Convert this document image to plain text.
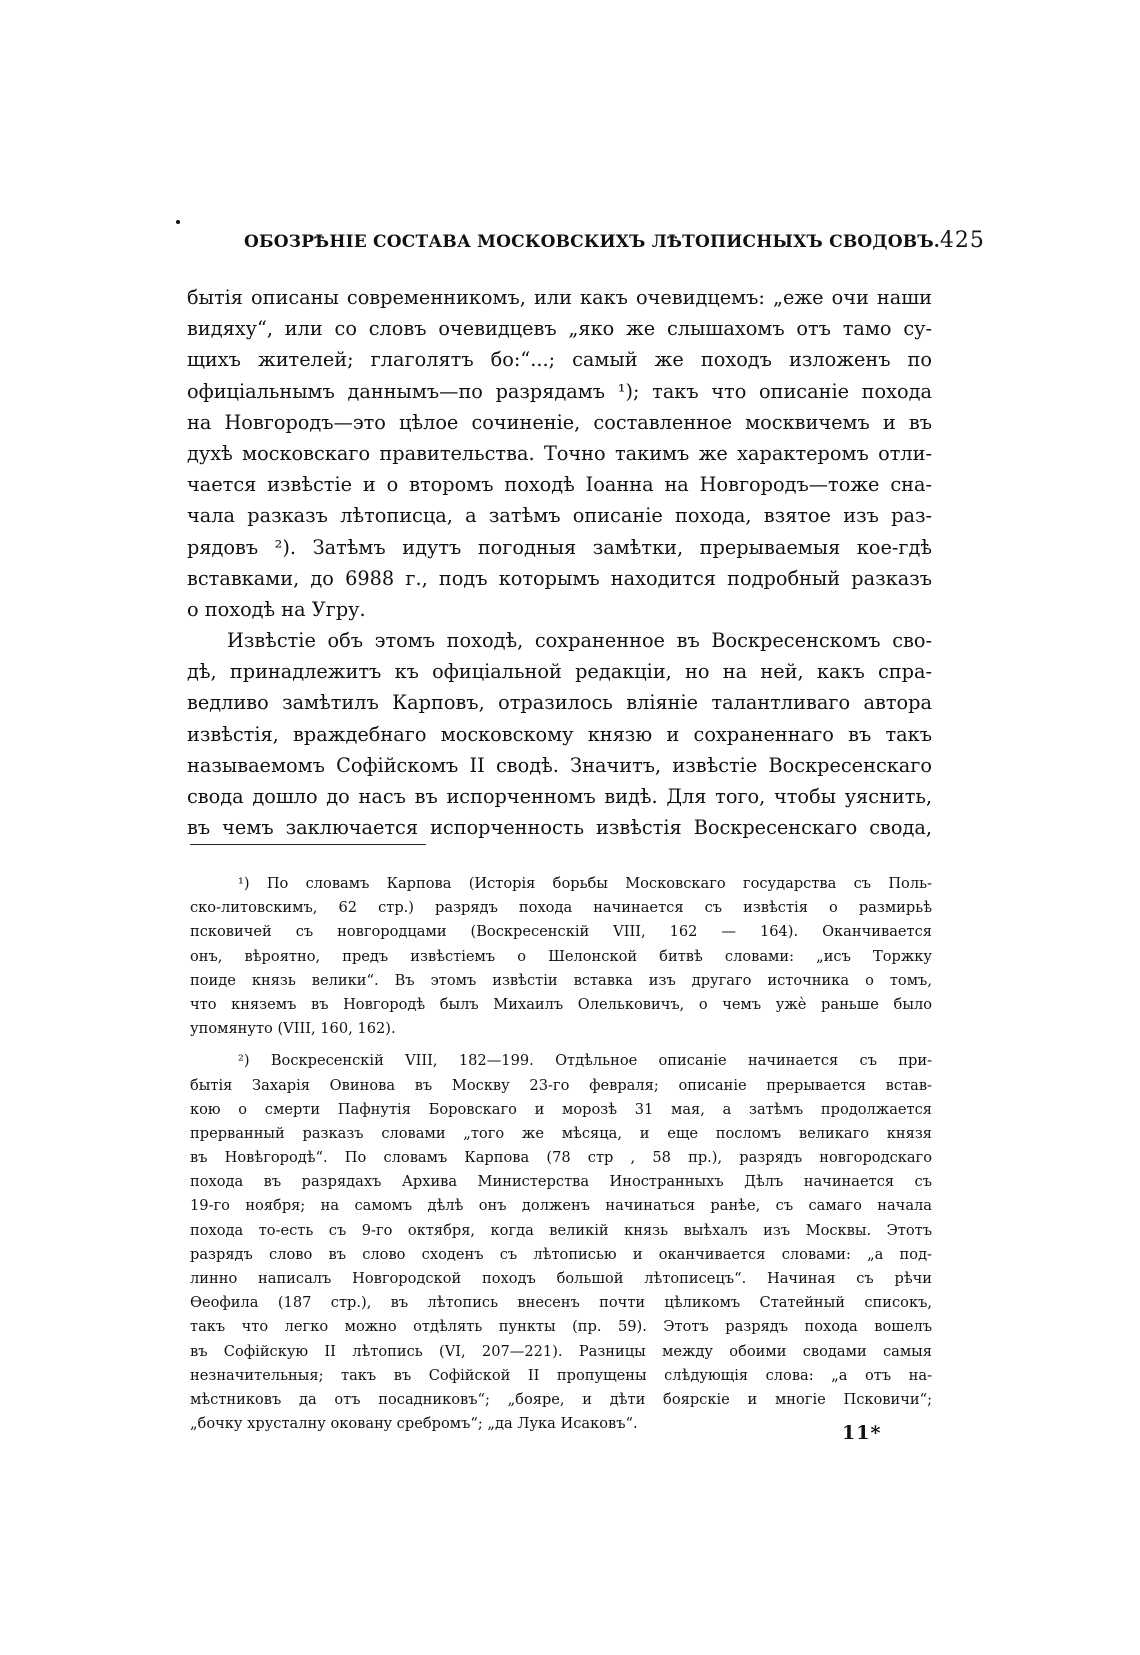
ОБОЗРѢНІЕ СОСТАВА МОСКОВСКИХЪ ЛѢТОПИСНЫХЪ СВОДОВЪ. 425
бытія описаны современникомъ, или какъ очевидцемъ: „еже очи наши
видяху“, или со словъ очевидцевъ „яко же слышахомъ отъ тамо су-
щихъ жителей; глаголятъ бо:“...; самый же походъ изложенъ по
офиціальнымъ даннымъ—по разрядамъ ¹); такъ что описаніе похода
на Новгородъ—это цѣлое сочиненіе, составленное москвичемъ и въ
духѣ московскаго правительства. Точно такимъ же характеромъ отли-
чается извѣстіе и о второмъ походѣ Іоанна на Новгородъ—тоже сна-
чала разказъ лѣтописца, а затѣмъ описаніе похода, взятое изъ раз-
рядовъ ²). Затѣмъ идутъ погодныя замѣтки, прерываемыя кое-гдѣ
вставками, до 6988 г., подъ которымъ находится подробный разказъ
о походѣ на Угру.
Извѣстіе объ этомъ походѣ, сохраненное въ Воскресенскомъ сво-
дѣ, принадлежитъ къ офиціальной редакціи, но на ней, какъ спра-
ведливо замѣтилъ Карповъ, отразилось вліяніе талантливаго автора
извѣстія, враждебнаго московскому князю и сохраненнаго въ такъ
называемомъ Софійскомъ II сводѣ. Значитъ, извѣстіе Воскресенскаго
свода дошло до насъ въ испорченномъ видѣ. Для того, чтобы уяснить,
въ чемъ заключается испорченность извѣстія Воскресенскаго свода,
¹) По словамъ Карпова (Исторія борьбы Московскаго государства съ Поль-
ско-литовскимъ, 62 стр.) разрядъ похода начинается съ извѣстія о размирьѣ
псковичей съ новгородцами (Воскресенскій VIII, 162 — 164). Оканчивается
онъ, вѣроятно, предъ извѣстіемъ о Шелонской битвѣ словами: „исъ Торжку
поиде князь велики“. Въ этомъ извѣстіи вставка изъ другаго источника о томъ,
что княземъ въ Новгородѣ былъ Михаилъ Олельковичъ, о чемъ ужѐ раньше было
упомянуто (VIII, 160, 162).
²) Воскресенскій VIII, 182—199. Отдѣльное описаніе начинается съ при-
бытія Захарія Овинова въ Москву 23-го февраля; описаніе прерывается встав-
кою о смерти Пафнутія Боровскаго и морозѣ 31 мая, а затѣмъ продолжается
прерванный разказъ словами „того же мѣсяца, и еще посломъ великаго князя
въ Новѣгородѣ“. По словамъ Карпова (78 стр , 58 пр.), разрядъ новгородскаго
похода въ разрядахъ Архива Министерства Иностранныхъ Дѣлъ начинается съ
19-го ноября; на самомъ дѣлѣ онъ долженъ начинаться ранѣе, съ самаго начала
похода то-есть съ 9-го октября, когда великій князь выѣхалъ изъ Москвы. Этотъ
разрядъ слово въ слово сходенъ съ лѣтописью и оканчивается словами: „а под-
линно написалъ Новгородской походъ большой лѣтописецъ“. Начиная съ рѣчи
Ѳеофила (187 стр.), въ лѣтопись внесенъ почти цѣликомъ Статейный списокъ,
такъ что легко можно отдѣлять пункты (пр. 59). Этотъ разрядъ похода вошелъ
въ Софійскую II лѣтопись (VI, 207—221). Разницы между обоими сводами самыя
незначительныя; такъ въ Софійской II пропущены слѣдующія слова: „а отъ на-
мѣстниковъ да отъ посадниковъ“; „бояре, и дѣти боярскіе и многіе Псковичи“;
„бочку хрусталну окованy сребромъ“; „да Лука Исаковъ“.	11*
